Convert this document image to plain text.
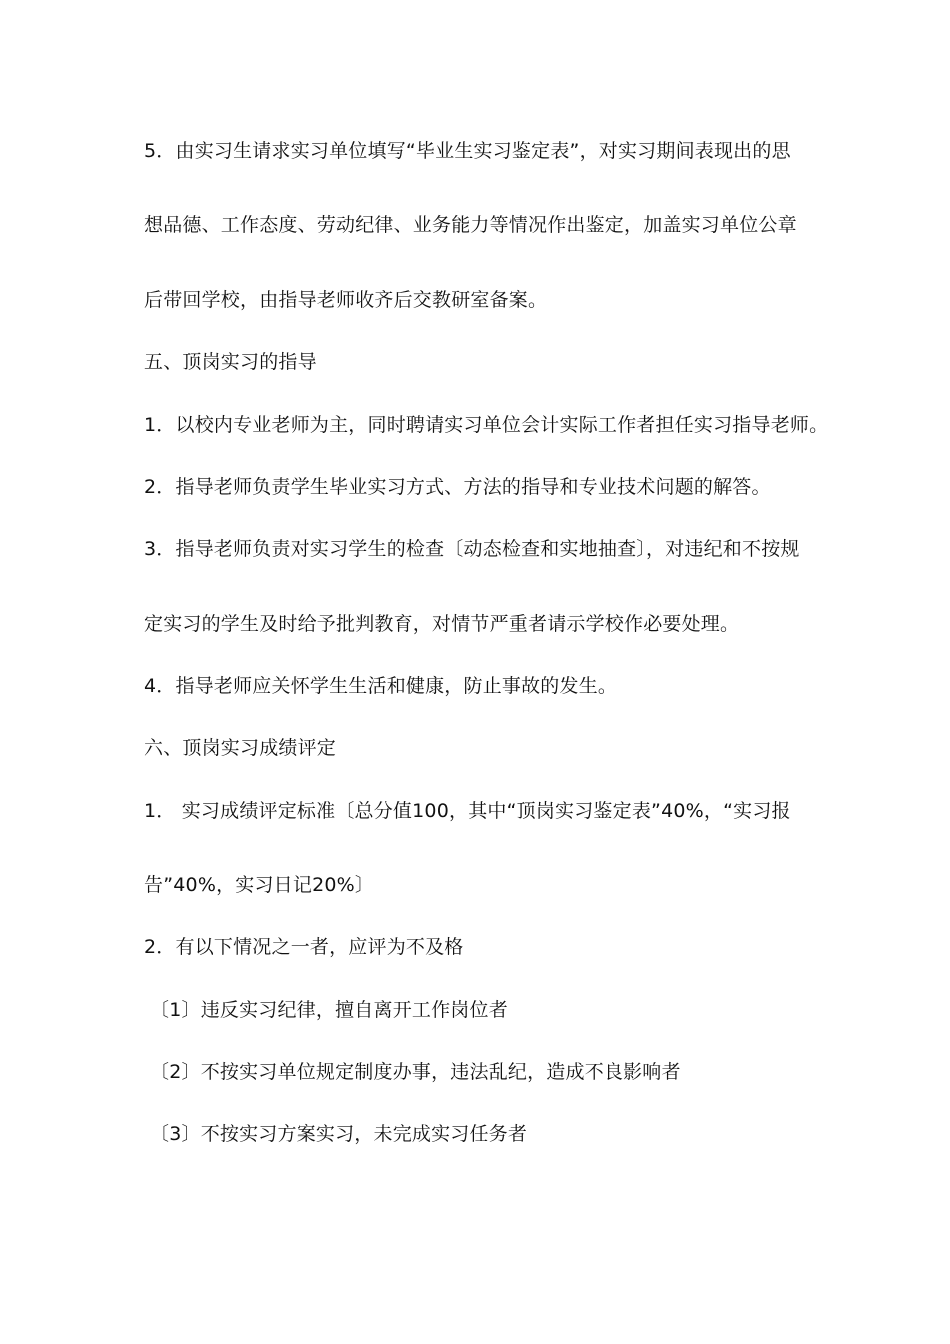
5．由实习生请求实习单位填写“毕业生实习鉴定表”，对实习期间表现出的思
想品德、工作态度、劳动纪律、业务能力等情况作出鉴定，加盖实习单位公章
后带回学校，由指导老师收齐后交教研室备案。
五、顶岗实习的指导
1．以校内专业老师为主，同时聘请实习单位会计实际工作者担任实习指导老师。
2．指导老师负责学生毕业实习方式、方法的指导和专业技术问题的解答。
3．指导老师负责对实习学生的检查〔动态检查和实地抽查〕，对违纪和不按规
定实习的学生及时给予批判教育，对情节严重者请示学校作必要处理。
4．指导老师应关怀学生生活和健康，防止事故的发生。
六、顶岗实习成绩评定
1． 实习成绩评定标准〔总分值100，其中“顶岗实习鉴定表”40%，“实习报
告”40%，实习日记20%〕
2．有以下情况之一者，应评为不及格
〔1〕违反实习纪律，擅自离开工作岗位者
〔2〕不按实习单位规定制度办事，违法乱纪，造成不良影响者
〔3〕不按实习方案实习，未完成实习任务者
